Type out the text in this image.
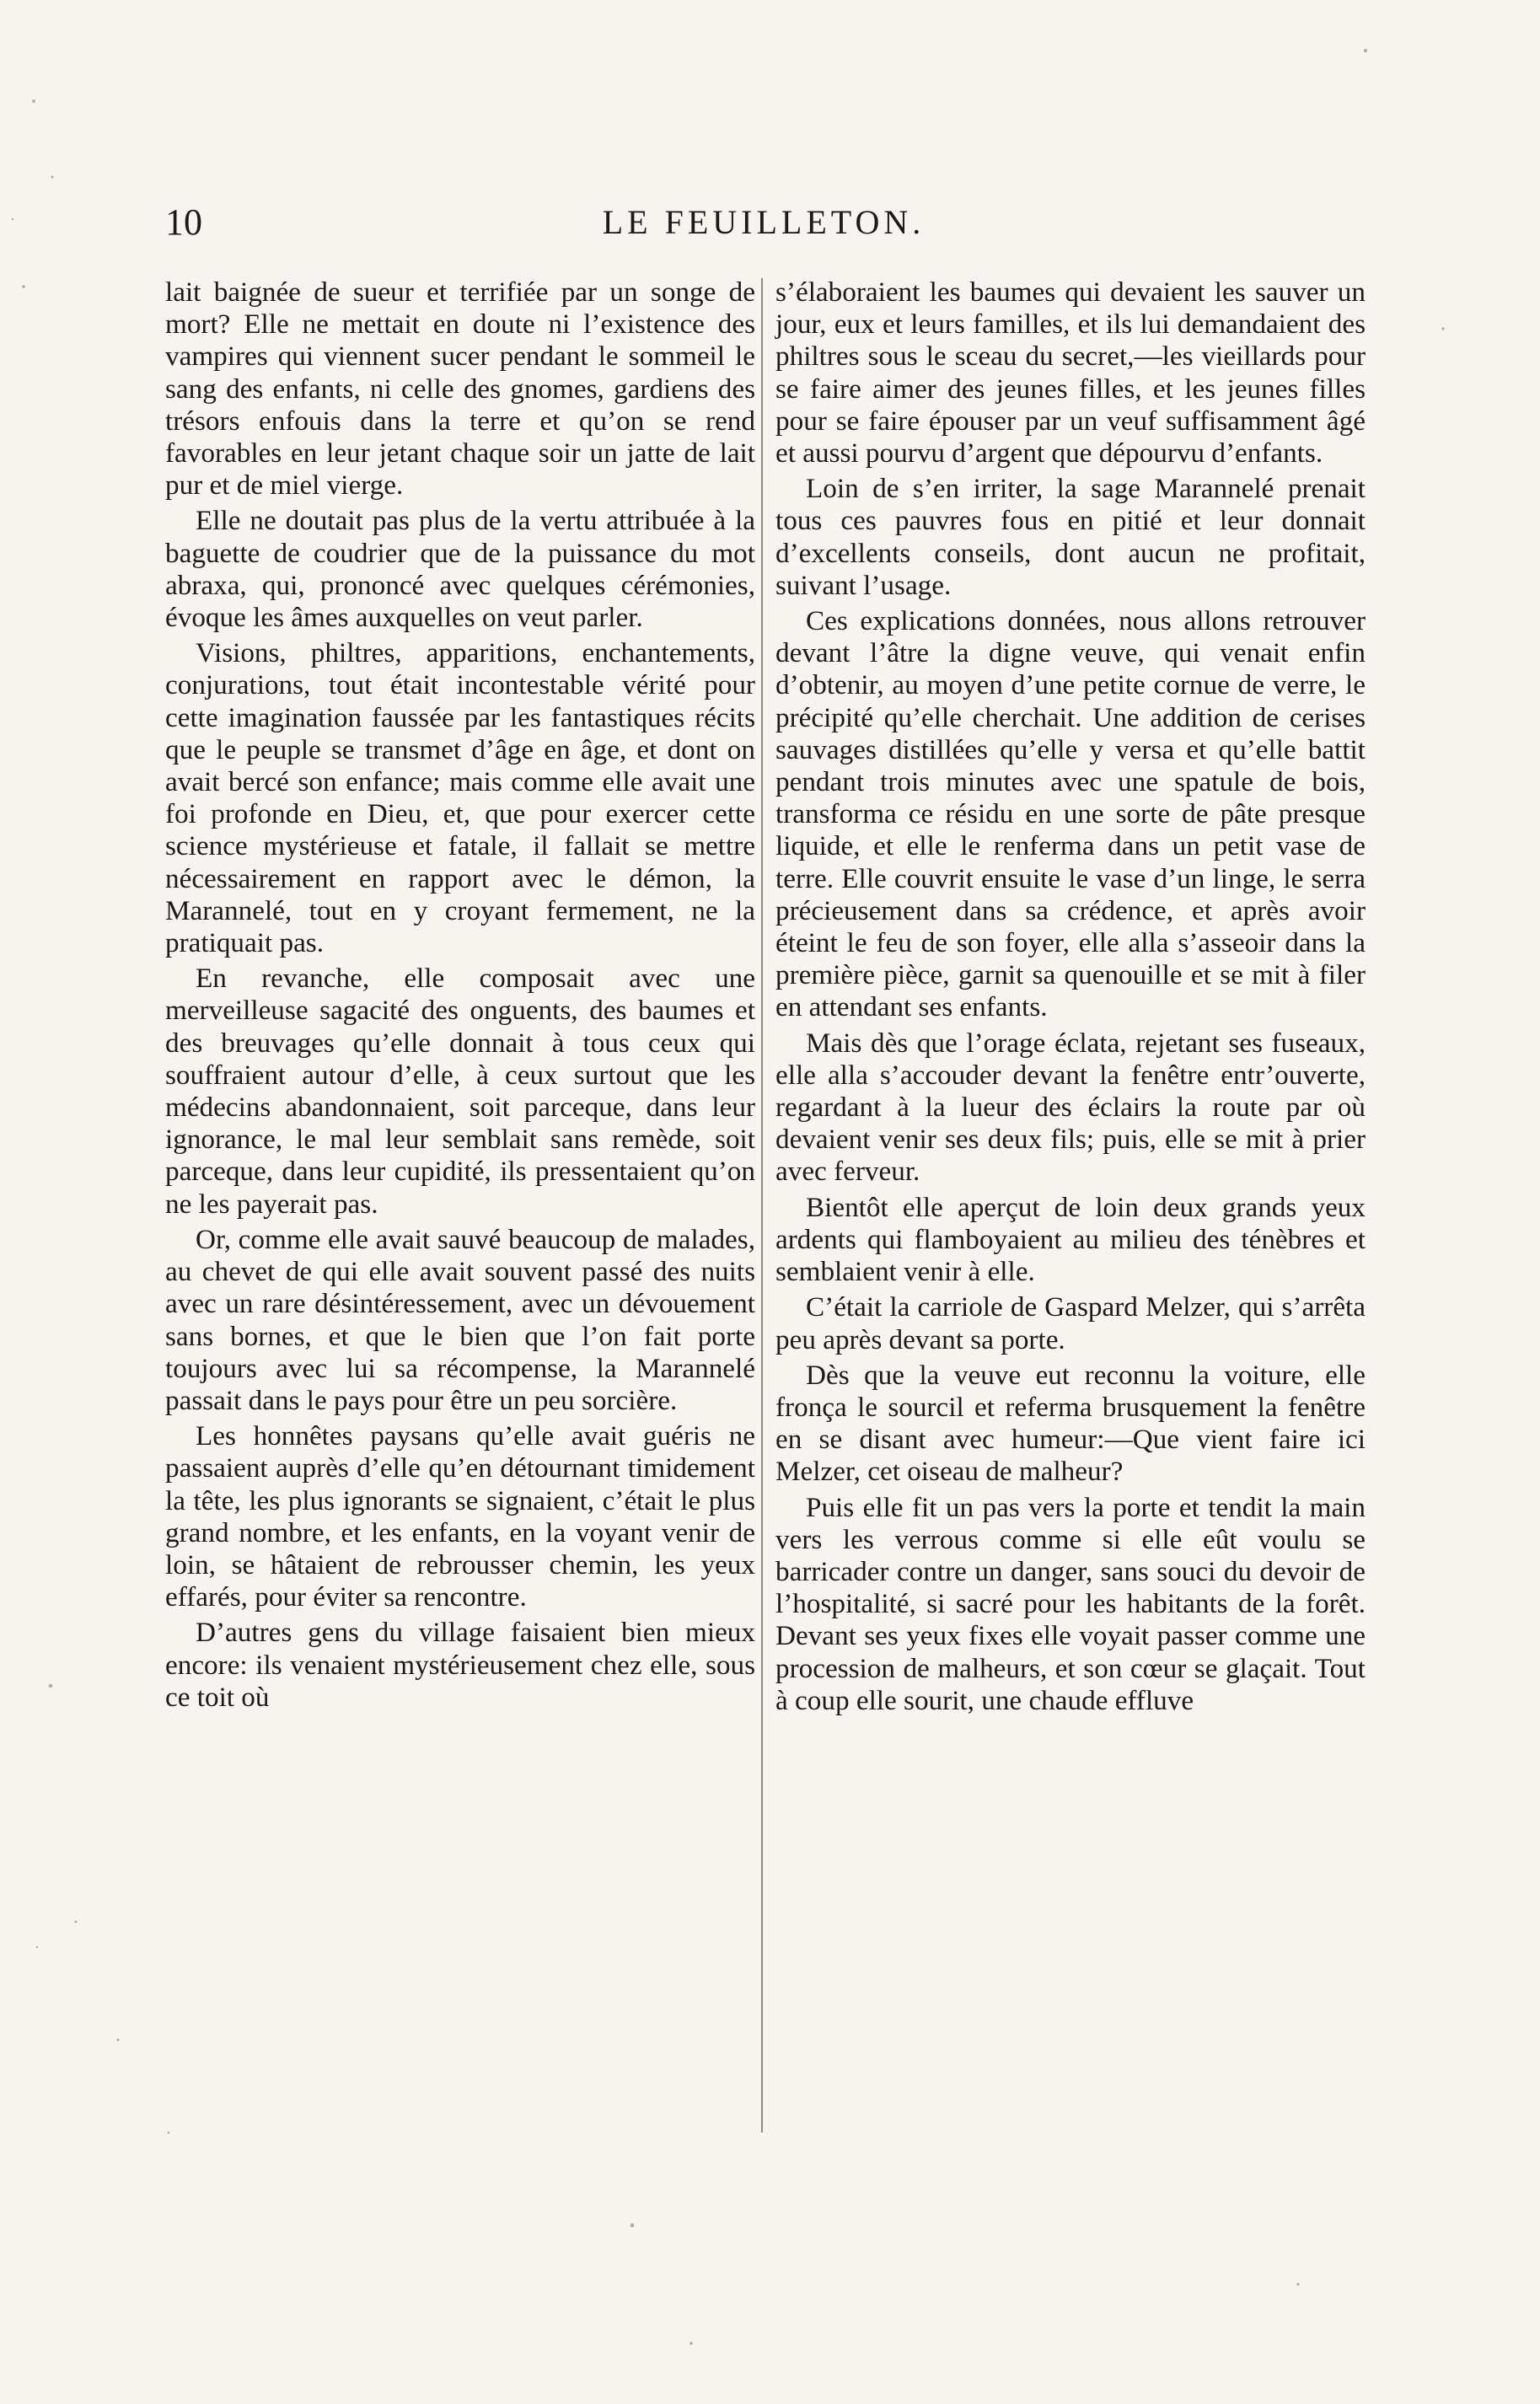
10	LE FEUILLETON.

lait baignée de sueur et terrifiée par un songe de mort? Elle ne mettait en doute ni l’existence des vampires qui viennent sucer pendant le sommeil le sang des enfants, ni celle des gnomes, gardiens des trésors enfouis dans la terre et qu’on se rend favorables en leur jetant chaque soir un jatte de lait pur et de miel vierge.

Elle ne doutait pas plus de la vertu attribuée à la baguette de coudrier que de la puissance du mot abraxa, qui, prononcé avec quelques cérémonies, évoque les âmes auxquelles on veut parler.

Visions, philtres, apparitions, enchantements, conjurations, tout était incontestable vérité pour cette imagination faussée par les fantastiques récits que le peuple se transmet d’âge en âge, et dont on avait bercé son enfance; mais comme elle avait une foi profonde en Dieu, et, que pour exercer cette science mystérieuse et fatale, il fallait se mettre nécessairement en rapport avec le démon, la Marannelé, tout en y croyant fermement, ne la pratiquait pas.

En revanche, elle composait avec une merveilleuse sagacité des onguents, des baumes et des breuvages qu’elle donnait à tous ceux qui souffraient autour d’elle, à ceux surtout que les médecins abandonnaient, soit parceque, dans leur ignorance, le mal leur semblait sans remède, soit parceque, dans leur cupidité, ils pressentaient qu’on ne les payerait pas.

Or, comme elle avait sauvé beaucoup de malades, au chevet de qui elle avait souvent passé des nuits avec un rare désintéressement, avec un dévouement sans bornes, et que le bien que l’on fait porte toujours avec lui sa récompense, la Marannelé passait dans le pays pour être un peu sorcière.

Les honnêtes paysans qu’elle avait guéris ne passaient auprès d’elle qu’en détournant timidement la tête, les plus ignorants se signaient, c’était le plus grand nombre, et les enfants, en la voyant venir de loin, se hâtaient de rebrousser chemin, les yeux effarés, pour éviter sa rencontre.

D’autres gens du village faisaient bien mieux encore: ils venaient mystérieusement chez elle, sous ce toit où

s’élaboraient les baumes qui devaient les sauver un jour, eux et leurs familles, et ils lui demandaient des philtres sous le sceau du secret,—les vieillards pour se faire aimer des jeunes filles, et les jeunes filles pour se faire épouser par un veuf suffisamment âgé et aussi pourvu d’argent que dépourvu d’enfants.

Loin de s’en irriter, la sage Marannelé prenait tous ces pauvres fous en pitié et leur donnait d’excellents conseils, dont aucun ne profitait, suivant l’usage.

Ces explications données, nous allons retrouver devant l’âtre la digne veuve, qui venait enfin d’obtenir, au moyen d’une petite cornue de verre, le précipité qu’elle cherchait. Une addition de cerises sauvages distillées qu’elle y versa et qu’elle battit pendant trois minutes avec une spatule de bois, transforma ce résidu en une sorte de pâte presque liquide, et elle le renferma dans un petit vase de terre. Elle couvrit ensuite le vase d’un linge, le serra précieusement dans sa crédence, et après avoir éteint le feu de son foyer, elle alla s’asseoir dans la première pièce, garnit sa quenouille et se mit à filer en attendant ses enfants.

Mais dès que l’orage éclata, rejetant ses fuseaux, elle alla s’accouder devant la fenêtre entr’ouverte, regardant à la lueur des éclairs la route par où devaient venir ses deux fils; puis, elle se mit à prier avec ferveur.

Bientôt elle aperçut de loin deux grands yeux ardents qui flamboyaient au milieu des ténèbres et semblaient venir à elle.

C’était la carriole de Gaspard Melzer, qui s’arrêta peu après devant sa porte.

Dès que la veuve eut reconnu la voiture, elle fronça le sourcil et referma brusquement la fenêtre en se disant avec humeur:—Que vient faire ici Melzer, cet oiseau de malheur?

Puis elle fit un pas vers la porte et tendit la main vers les verrous comme si elle eût voulu se barricader contre un danger, sans souci du devoir de l’hospitalité, si sacré pour les habitants de la forêt. Devant ses yeux fixes elle voyait passer comme une procession de malheurs, et son cœur se glaçait. Tout à coup elle sourit, une chaude effluve
